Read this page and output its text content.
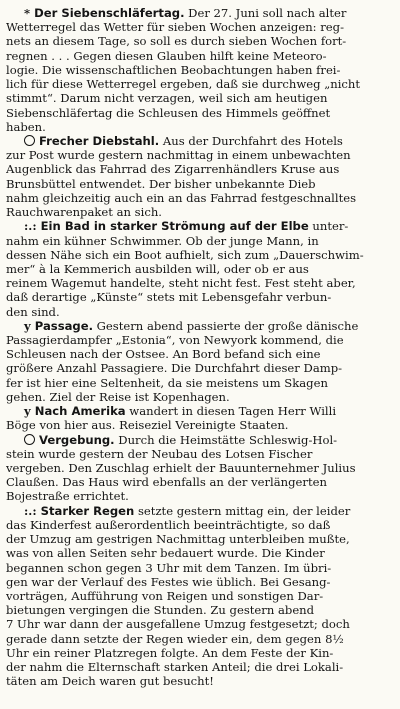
* Der Siebenschläfertag. Der 27. Juni soll nach alter
Wetterregel das Wetter für sieben Wochen anzeigen: reg-
nets an diesem Tage, so soll es durch sieben Wochen fort-
regnen . . . Gegen diesen Glauben hilft keine Meteoro-
logie. Die wissenschaftlichen Beobachtungen haben frei-
lich für diese Wetterregel ergeben, daß sie durchweg „nicht
stimmt“. Darum nicht verzagen, weil sich am heutigen
Siebenschläfertag die Schleusen des Himmels geöffnet
haben.
Frecher Diebstahl. Aus der Durchfahrt des Hotels
zur Post wurde gestern nachmittag in einem unbewachten
Augenblick das Fahrrad des Zigarrenhändlers Kruse aus
Brunsbüttel entwendet. Der bisher unbekannte Dieb
nahm gleichzeitig auch ein an das Fahrrad festgeschnalltes
Rauchwarenpaket an sich.
:.: Ein Bad in starker Strömung auf der Elbe unter-
nahm ein kühner Schwimmer. Ob der junge Mann, in
dessen Nähe sich ein Boot aufhielt, sich zum „Dauerschwim-
mer“ à la Kemmerich ausbilden will, oder ob er aus
reinem Wagemut handelte, steht nicht fest. Fest steht aber,
daß derartige „Künste“ stets mit Lebensgefahr verbun-
den sind.
y Passage. Gestern abend passierte der große dänische
Passagierdampfer „Estonia“, von Newyork kommend, die
Schleusen nach der Ostsee. An Bord befand sich eine
größere Anzahl Passagiere. Die Durchfahrt dieser Damp-
fer ist hier eine Seltenheit, da sie meistens um Skagen
gehen. Ziel der Reise ist Kopenhagen.
y Nach Amerika wandert in diesen Tagen Herr Willi
Böge von hier aus. Reiseziel Vereinigte Staaten.
Vergebung. Durch die Heimstätte Schleswig-Hol-
stein wurde gestern der Neubau des Lotsen Fischer
vergeben. Den Zuschlag erhielt der Bauunternehmer Julius
Claußen. Das Haus wird ebenfalls an der verlängerten
Bojestraße errichtet.
:.: Starker Regen setzte gestern mittag ein, der leider
das Kinderfest außerordentlich beeinträchtigte, so daß
der Umzug am gestrigen Nachmittag unterbleiben mußte,
was von allen Seiten sehr bedauert wurde. Die Kinder
begannen schon gegen 3 Uhr mit dem Tanzen. Im übri-
gen war der Verlauf des Festes wie üblich. Bei Gesang-
vorträgen, Aufführung von Reigen und sonstigen Dar-
bietungen vergingen die Stunden. Zu gestern abend
7 Uhr war dann der ausgefallene Umzug festgesetzt; doch
gerade dann setzte der Regen wieder ein, dem gegen 8½
Uhr ein reiner Platzregen folgte. An dem Feste der Kin-
der nahm die Elternschaft starken Anteil; die drei Lokali-
täten am Deich waren gut besucht!
